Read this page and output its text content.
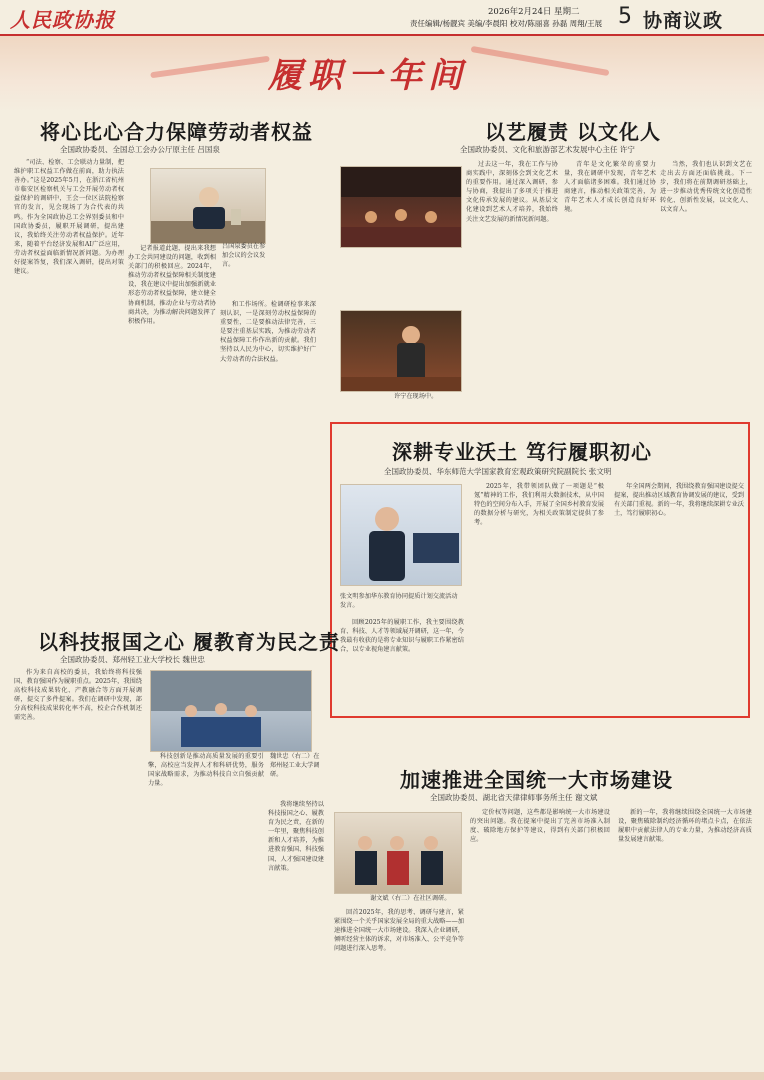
人民政协报	2026年2月24日 星期二
责任编辑/杨靓宾 美编/李晨阳 校对/陈丽喜 孙磊 周翔/王展 5 协商议政
履职一年间
将心比心合力保障劳动者权益
全国政协委员、全国总工会办公厅原主任 吕国泉

“司法、检察、工会联动力量制，把维护职工权益工作做在前面，助力执法善办。”这是2025年5月，在浙江省杭州市临安区检察机关与工会开展劳动者权益保护的调研中，王会一位区法院检察官的发言，见会现场了为合代表的共鸣。作为全国政协总工会界别委员和中国政协委员，履职开展调研，提出建议，我始终关注劳动者权益保护。近年来，随着平台经济发展和AI广泛应用，劳动者权益面临新情况新问题。为办理好提案答复，我们深入调研，提出对策建议。

吕国泉委员在参加会议的会议发言。

记者报道此题，提出来我想办工会共同建设的问题，收到相关部门的积极回应。2024年，推动劳动者权益保障相关制度建设，我在建议中提出加强新就业形态劳动者权益保障，建立健全协商机制，推动企业与劳动者协商共决，为推动解决问题发挥了积极作用。

和工作场所。检调研检事来深刻认识，一是深刻劳动权益保障的重要性，二是要推动法律完善，三是要注重基层实践，为推动劳动者权益保障工作作出新的贡献。我们坚持以人民为中心，切实维护好广大劳动者的合法权益。

以艺履责 以文化人
全国政协委员、文化和旅游部艺术发展中心主任 许宁
许宁在现场中。

过去这一年，我在工作与协商实践中，深刻体会到文化艺术的重要作用。通过深入调研、参与协商，我提出了多项关于推进文化传承发展的建议。从基层文化建设到艺术人才培养，我始终关注文艺发展的新情况新问题。

青年是文化繁荣的重要力量，我在调研中发现，青年艺术人才面临诸多困难。我们通过协商建言，推动相关政策完善，为青年艺术人才成长创造良好环境。

当然，我们也认识到文艺在走出去方面还面临挑战。下一步，我们将在前期调研基础上，进一步推动优秀传统文化创造性转化、创新性发展，以文化人、以文育人。

深耕专业沃土 笃行履职初心
全国政协委员、华东师范大学国家教育宏观政策研究院副院长 张文明
张文明参加华东教育协同提质计划交流活动发言。

回顾2025年的履职工作，我主要围绕教育、科技、人才等领域展开调研，这一年，令我最有收获的是将专业知识与履职工作紧密结合，以专业视角建言献策。

2025年，我带领团队做了一项题是“极氪”精神的工作，我们利用大数据技术，从中国特色的空间分布入手，开展了全国乡村教育发展的数据分析与研究，为相关政策制定提供了参考。

年全国两会期间，我围绕教育强国建设提交提案，提出推动区域教育协调发展的建议，受到有关部门重视。新的一年，我将继续深耕专业沃土，笃行履职初心。

以科技报国之心 履教育为民之责
全国政协委员、郑州轻工业大学校长 魏世忠
魏世忠（右二）在郑州轻工业大学调研。

作为来自高校的委员，我始终将科技强国、教育强国作为履职重点。2025年，我围绕高校科技成果转化、产教融合等方面开展调研，提交了多件提案。我们在调研中发现，部分高校科技成果转化率不高，校企合作机制还需完善。

科技创新是推动高质量发展的重要引擎，高校应当发挥人才和科研优势，服务国家战略需求，为推动科技自立自强贡献力量。

我将继续坚持以科技报国之心、履教育为民之责，在新的一年里，聚焦科技创新和人才培养，为推进教育强国、科技强国、人才强国建设建言献策。

加速推进全国统一大市场建设
全国政协委员、湖北省天律律师事务所主任 谢文斌
谢文斌（右二）在社区调研。

回首2025年，我的思考、调研与建言，紧紧围绕一个关乎国家发展全局的重大战略——加速推进全国统一大市场建设。我深入企业调研，倾听经营主体的诉求，对市场准入、公平竞争等问题进行深入思考。

定价权等问题，这些都是影响统一大市场建设的突出问题。我在提案中提出了完善市场准入制度、破除地方保护等建议，得到有关部门积极回应。

新的一年，我将继续围绕全国统一大市场建设，聚焦破除制约经济循环的堵点卡点，在依法履职中贡献法律人的专业力量，为推动经济高质量发展建言献策。
